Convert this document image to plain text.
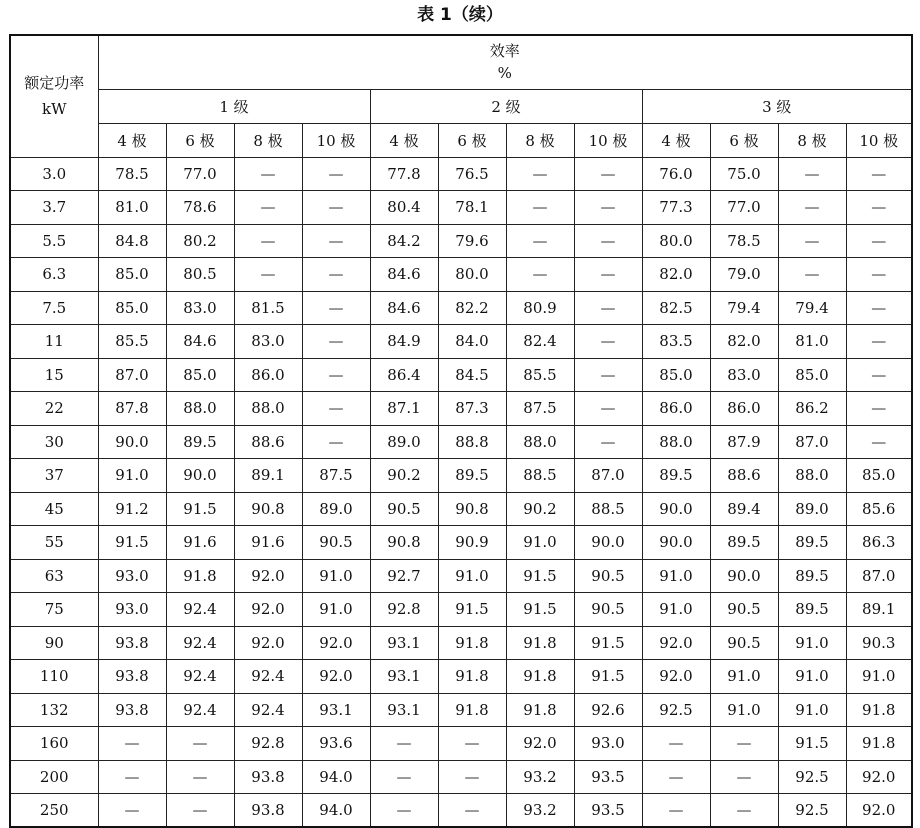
表 1（续）
额定功率
kW	效率
%											

	1 级				2 级				3 级			
	4 极	6 极	8 极	10 极	4 极	6 极	8 极	10 极	4 极	6 极	8 极	10 极
3.0	78.5	77.0	—	—	77.8	76.5	—	—	76.0	75.0	—	—
3.7	81.0	78.6	—	—	80.4	78.1	—	—	77.3	77.0	—	—
5.5	84.8	80.2	—	—	84.2	79.6	—	—	80.0	78.5	—	—
6.3	85.0	80.5	—	—	84.6	80.0	—	—	82.0	79.0	—	—
7.5	85.0	83.0	81.5	—	84.6	82.2	80.9	—	82.5	79.4	79.4	—
11	85.5	84.6	83.0	—	84.9	84.0	82.4	—	83.5	82.0	81.0	—
15	87.0	85.0	86.0	—	86.4	84.5	85.5	—	85.0	83.0	85.0	—
22	87.8	88.0	88.0	—	87.1	87.3	87.5	—	86.0	86.0	86.2	—
30	90.0	89.5	88.6	—	89.0	88.8	88.0	—	88.0	87.9	87.0	—
37	91.0	90.0	89.1	87.5	90.2	89.5	88.5	87.0	89.5	88.6	88.0	85.0
45	91.2	91.5	90.8	89.0	90.5	90.8	90.2	88.5	90.0	89.4	89.0	85.6
55	91.5	91.6	91.6	90.5	90.8	90.9	91.0	90.0	90.0	89.5	89.5	86.3
63	93.0	91.8	92.0	91.0	92.7	91.0	91.5	90.5	91.0	90.0	89.5	87.0
75	93.0	92.4	92.0	91.0	92.8	91.5	91.5	90.5	91.0	90.5	89.5	89.1
90	93.8	92.4	92.0	92.0	93.1	91.8	91.8	91.5	92.0	90.5	91.0	90.3
110	93.8	92.4	92.4	92.0	93.1	91.8	91.8	91.5	92.0	91.0	91.0	91.0
132	93.8	92.4	92.4	93.1	93.1	91.8	91.8	92.6	92.5	91.0	91.0	91.8
160	—	—	92.8	93.6	—	—	92.0	93.0	—	—	91.5	91.8
200	—	—	93.8	94.0	—	—	93.2	93.5	—	—	92.5	92.0
250	—	—	93.8	94.0	—	—	93.2	93.5	—	—	92.5	92.0
